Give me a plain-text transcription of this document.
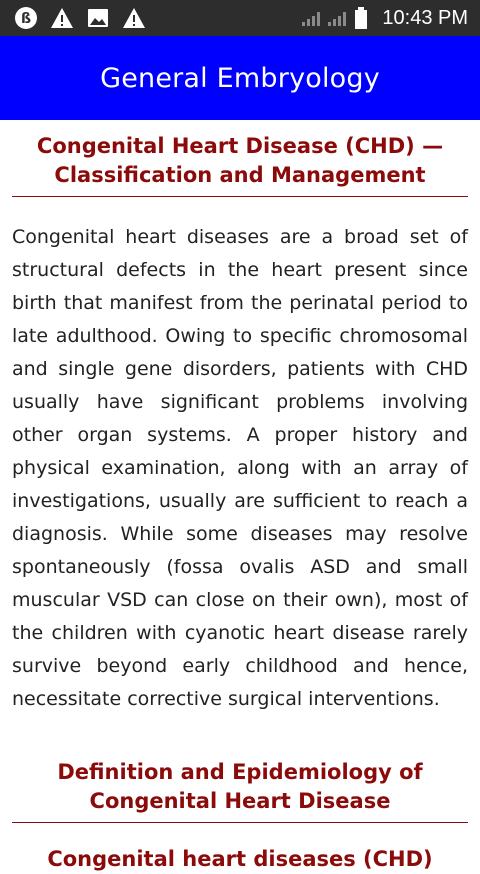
ß	10:43 PM
General Embryology
Congenital Heart Disease (CHD) — Classification and Management

Congenital heart diseases are a broad set of structural defects in the heart present since birth that manifest from the perinatal period to late adulthood. Owing to specific chromosomal and single gene disorders, patients with CHD usually have significant problems involving other organ systems. A proper history and physical examination, along with an array of investigations, usually are sufficient to reach a diagnosis. While some diseases may resolve spontaneously (fossa ovalis ASD and small muscular VSD can close on their own), most of the children with cyanotic heart disease rarely survive beyond early childhood and hence, necessitate corrective surgical interventions.

Definition and Epidemiology of Congenital Heart Disease
Congenital heart diseases (CHD)
